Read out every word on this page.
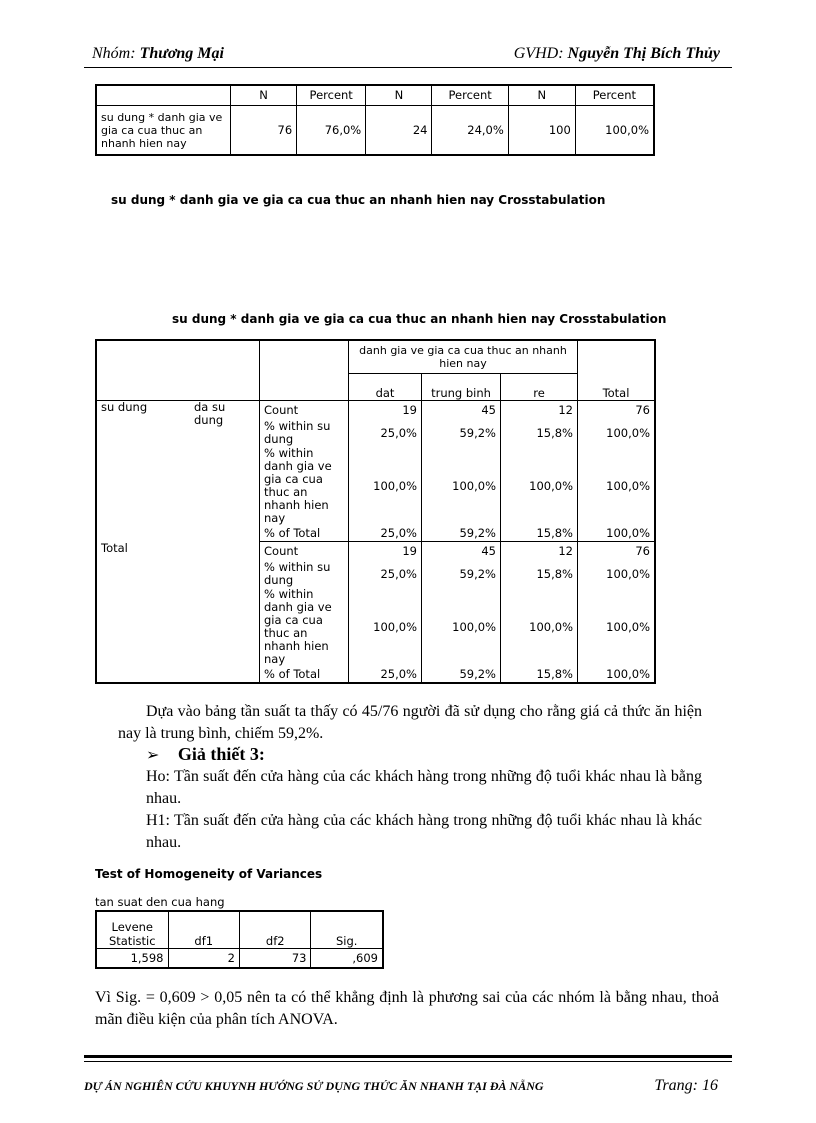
Nhóm: Thương Mại	GVHD: Nguyễn Thị Bích Thủy
	N	Percent	N	Percent	N	Percent
su dung * danh gia ve gia ca cua thuc an nhanh hien nay	76	76,0%	24	24,0%	100	100,0%
su dung * danh gia ve gia ca cua thuc an nhanh hien nay Crosstabulation
su dung * danh gia ve gia ca cua thuc an nhanh hien nay Crosstabulation
			danh gia ve gia ca cua thuc an nhanh hien nay			Total
			dat	trung binh	re	
su dung	da su dung	Count	19	45	12	76
		% within su dung	25,0%	59,2%	15,8%	100,0%
		% within danh gia ve gia ca cua thuc an nhanh hien nay	100,0%	100,0%	100,0%	100,0%
		% of Total	25,0%	59,2%	15,8%	100,0%
Total		Count	19	45	12	76
		% within su dung	25,0%	59,2%	15,8%	100,0%
		% within danh gia ve gia ca cua thuc an nhanh hien nay	100,0%	100,0%	100,0%	100,0%
		% of Total	25,0%	59,2%	15,8%	100,0%
Dựa vào bảng tần suất ta thấy có 45/76 người đã sử dụng cho rằng giá cả thức ăn hiện nay là trung bình, chiếm 59,2%.
➢ Giả thiết 3:
Ho: Tần suất đến cửa hàng của các khách hàng trong những độ tuổi khác nhau là bằng nhau.
H1: Tần suất đến cửa hàng của các khách hàng trong những độ tuổi khác nhau là khác nhau.
Test of Homogeneity of Variances
tan suat den cua hang
Levene Statistic	df1	df2	Sig.
1,598	2	73	,609
Vì Sig. = 0,609 > 0,05 nên ta có thể khẳng định là phương sai của các nhóm là bằng nhau, thoả mãn điều kiện của phân tích ANOVA.
DỰ ÁN NGHIÊN CỨU KHUYNH HƯỚNG SỬ DỤNG THỨC ĂN NHANH TẠI ĐÀ NẴNG	Trang: 16
